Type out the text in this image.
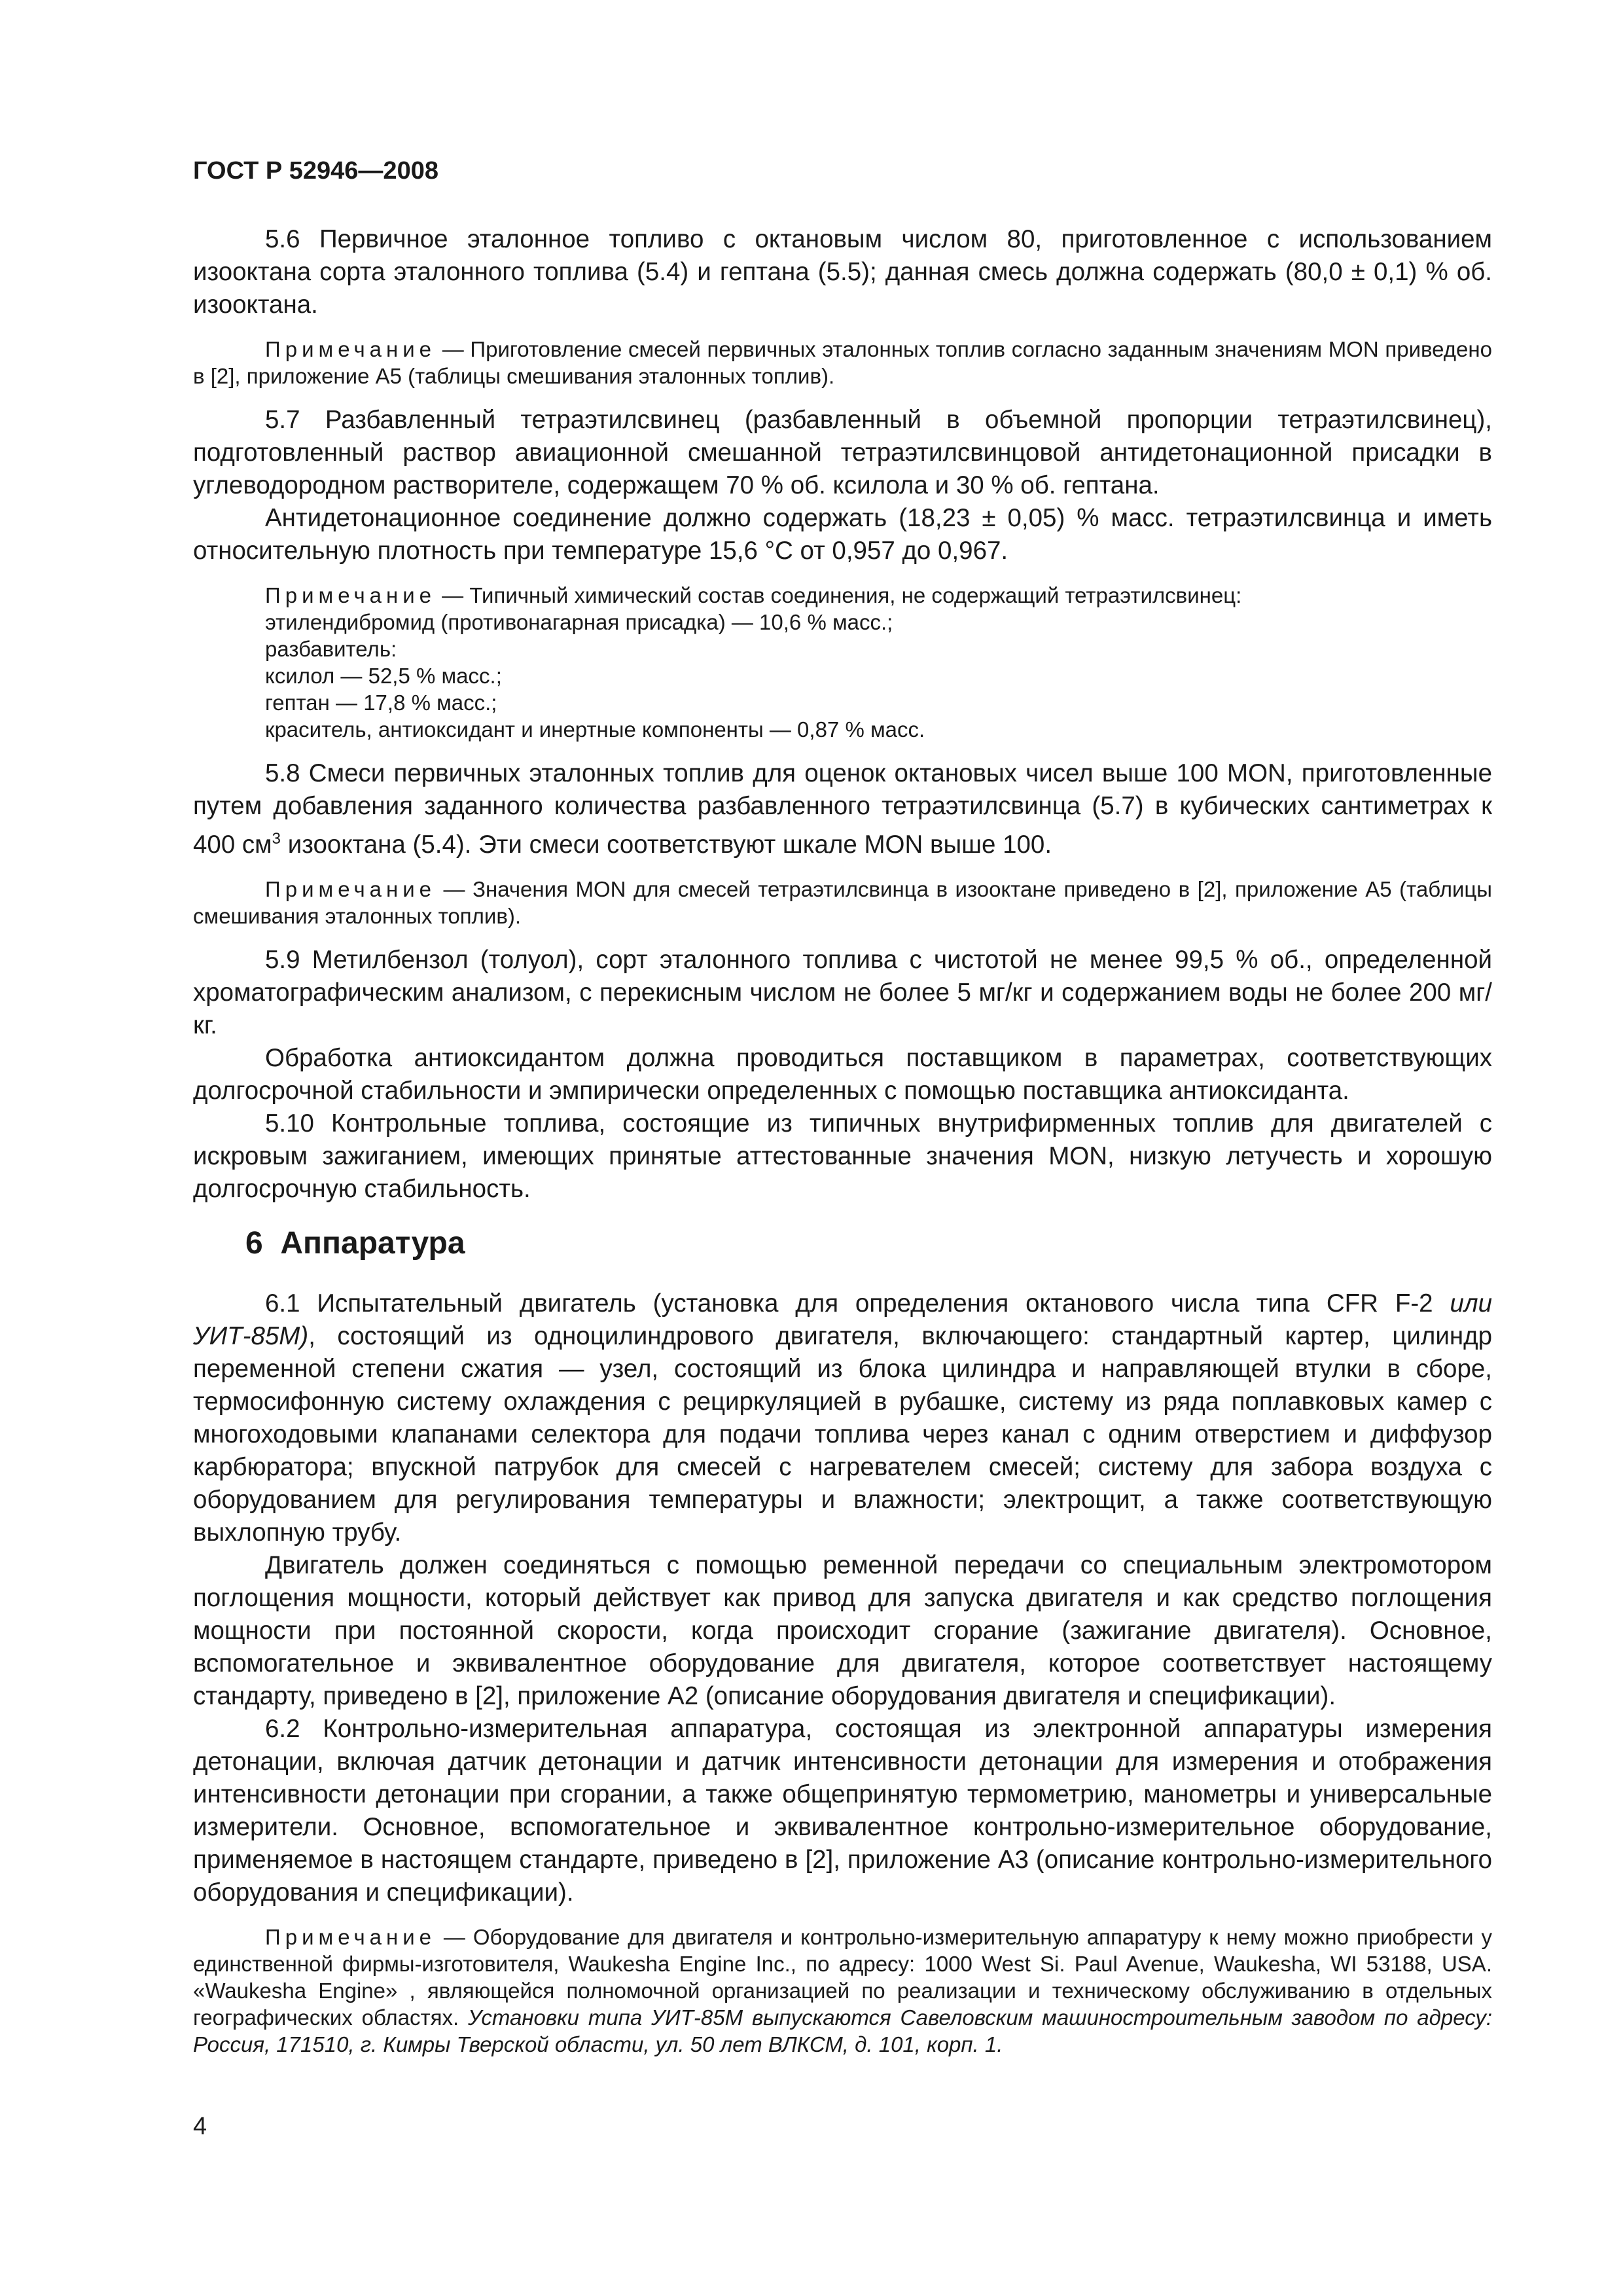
ГОСТ Р 52946—2008

5.6 Первичное эталонное топливо с октановым числом 80, приготовленное с использованием изооктана сорта эталонного топлива (5.4) и гептана (5.5); данная смесь должна содержать (80,0 ± 0,1) % об. изооктана.

Примечание — Приготовление смесей первичных эталонных топлив согласно заданным значениям MON приведено в [2], приложение А5 (таблицы смешивания эталонных топлив).

5.7 Разбавленный тетраэтилсвинец (разбавленный в объемной пропорции тетраэтилсвинец), подготовленный раствор авиационной смешанной тетраэтилсвинцовой антидетонационной присадки в углеводородном растворителе, содержащем 70 % об. ксилола и 30 % об. гептана.

Антидетонационное соединение должно содержать (18,23 ± 0,05) % масс. тетраэтилсвинца и иметь относительную плотность при температуре 15,6 °С от 0,957 до 0,967.

Примечание — Типичный химический состав соединения, не содержащий тетраэтилсвинец:

этилендибромид (противонагарная присадка) — 10,6 % масс.;

разбавитель:

ксилол — 52,5 % масс.;

гептан — 17,8 % масс.;

краситель, антиоксидант и инертные компоненты — 0,87 % масс.

5.8 Смеси первичных эталонных топлив для оценок октановых чисел выше 100 MON, приготовленные путем добавления заданного количества разбавленного тетраэтилсвинца (5.7) в кубических сантиметрах к 400 $см^3$ изооктана (5.4). Эти смеси соответствуют шкале MON выше 100.

Примечание — Значения MON для смесей тетраэтилсвинца в изооктане приведено в [2], приложение А5 (таблицы смешивания эталонных топлив).

5.9 Метилбензол (толуол), сорт эталонного топлива с чистотой не менее 99,5 % об., определенной хроматографическим анализом, с перекисным числом не более 5 мг/кг и содержанием воды не более 200 мг/кг.

Обработка антиоксидантом должна проводиться поставщиком в параметрах, соответствующих долгосрочной стабильности и эмпирически определенных с помощью поставщика антиоксиданта.

5.10 Контрольные топлива, состоящие из типичных внутрифирменных топлив для двигателей с искровым зажиганием, имеющих принятые аттестованные значения MON, низкую летучесть и хорошую долгосрочную стабильность.

6 Аппаратура

6.1 Испытательный двигатель (установка для определения октанового числа типа CFR F-2 или УИТ-85М), состоящий из одноцилиндрового двигателя, включающего: стандартный картер, цилиндр переменной степени сжатия — узел, состоящий из блока цилиндра и направляющей втулки в сборе, термосифонную систему охлаждения с рециркуляцией в рубашке, систему из ряда поплавковых камер с многоходовыми клапанами селектора для подачи топлива через канал с одним отверстием и диффузор карбюратора; впускной патрубок для смесей с нагревателем смесей; систему для забора воздуха с оборудованием для регулирования температуры и влажности; электрощит, а также соответствующую выхлопную трубу.

Двигатель должен соединяться с помощью ременной передачи со специальным электромотором поглощения мощности, который действует как привод для запуска двигателя и как средство поглощения мощности при постоянной скорости, когда происходит сгорание (зажигание двигателя). Основное, вспомогательное и эквивалентное оборудование для двигателя, которое соответствует настоящему стандарту, приведено в [2], приложение А2 (описание оборудования двигателя и спецификации).

6.2 Контрольно-измерительная аппаратура, состоящая из электронной аппаратуры измерения детонации, включая датчик детонации и датчик интенсивности детонации для измерения и отображения интенсивности детонации при сгорании, а также общепринятую термометрию, манометры и универсальные измерители. Основное, вспомогательное и эквивалентное контрольно-измерительное оборудование, применяемое в настоящем стандарте, приведено в [2], приложение А3 (описание контрольно-измерительного оборудования и спецификации).

Примечание — Оборудование для двигателя и контрольно-измерительную аппаратуру к нему можно приобрести у единственной фирмы-изготовителя, Waukesha Engine Inc., по адресу: 1000 West Si. Paul Avenue, Waukesha, WI 53188, USA. «Waukesha Engine» , являющейся полномочной организацией по реализации и техническому обслуживанию в отдельных географических областях. Установки типа УИТ-85М выпускаются Савеловским машиностроительным заводом по адресу: Россия, 171510, г. Кимры Тверской области, ул. 50 лет ВЛКСМ, д. 101, корп. 1.

4
